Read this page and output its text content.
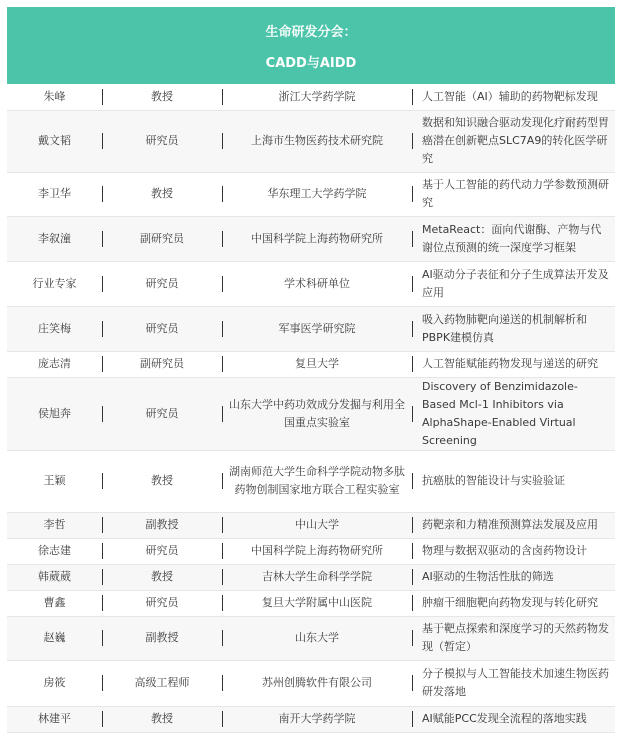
生命研发分会：
CADD与AIDD
朱峰	教授	浙江大学药学院	人工智能（AI）辅助的药物靶标发现
戴文韬	研究员	上海市生物医药技术研究院	数据和知识融合驱动发现化疗耐药型胃癌潜在创新靶点SLC7A9的转化医学研究
李卫华	教授	华东理工大学药学院	基于人工智能的药代动力学参数预测研究
李叙潼	副研究员	中国科学院上海药物研究所	MetaReact：面向代谢酶、产物与代谢位点预测的统一深度学习框架
行业专家	研究员	学术科研单位	AI驱动分子表征和分子生成算法开发及应用
庄笑梅	研究员	军事医学研究院	吸入药物肺靶向递送的机制解析和PBPK建模仿真
庞志清	副研究员	复旦大学	人工智能赋能药物发现与递送的研究
侯旭奔	研究员	山东大学中药功效成分发掘与利用全国重点实验室	Discovery of Benzimidazole-Based Mcl-1 Inhibitors via AlphaShape-Enabled Virtual Screening
王颖	教授	湖南师范大学生命科学学院动物多肽药物创制国家地方联合工程实验室	抗癌肽的智能设计与实验验证
李哲	副教授	中山大学	药靶亲和力精准预测算法发展及应用
徐志建	研究员	中国科学院上海药物研究所	物理与数据双驱动的含卤药物设计
韩葳葳	教授	吉林大学生命科学学院	AI驱动的生物活性肽的筛选
曹鑫	研究员	复旦大学附属中山医院	肿瘤干细胞靶向药物发现与转化研究
赵巍	副教授	山东大学	基于靶点探索和深度学习的天然药物发现（暂定）
房筱	高级工程师	苏州创腾软件有限公司	分子模拟与人工智能技术加速生物医药研发落地
林建平	教授	南开大学药学院	AI赋能PCC发现全流程的落地实践
